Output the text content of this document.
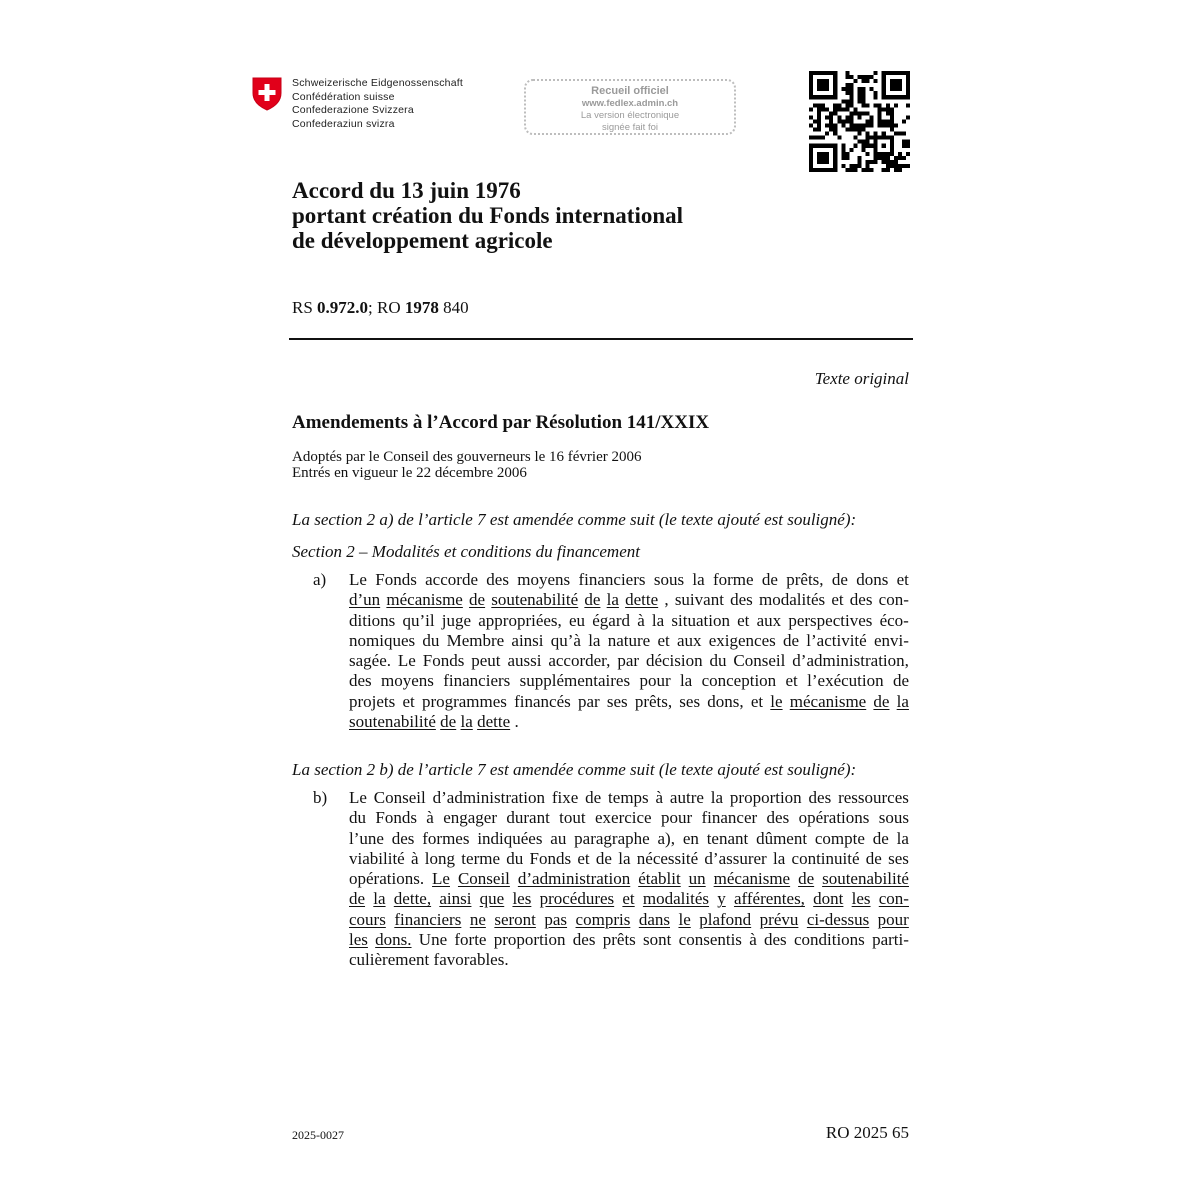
Schweizerische Eidgenossenschaft
Confédération suisse
Confederazione Svizzera
Confederaziun svizra
Recueil officiel
www.fedlex.admin.ch
La version électronique
signée fait foi
Accord du 13 juin 1976
portant création du Fonds international
de développement agricole
RS 0.972.0; RO 1978 840
Texte original
Amendements à l’Accord par Résolution 141/XXIX
Adoptés par le Conseil des gouverneurs le 16 février 2006
Entrés en vigueur le 22 décembre 2006
La section 2 a) de l’article 7 est amendée comme suit (le texte ajouté est souligné):
Section 2 – Modalités et conditions du financement
a) Le Fonds accorde des moyens financiers sous la forme de prêts, de dons et
d’un mécanisme de soutenabilité de la dette , suivant des modalités et des con-
ditions qu’il juge appropriées, eu égard à la situation et aux perspectives éco-
nomiques du Membre ainsi qu’à la nature et aux exigences de l’activité envi-
sagée. Le Fonds peut aussi accorder, par décision du Conseil d’administration,
des moyens financiers supplémentaires pour la conception et l’exécution de
projets et programmes financés par ses prêts, ses dons, et le mécanisme de la
soutenabilité de la dette .
La section 2 b) de l’article 7 est amendée comme suit (le texte ajouté est souligné):
b) Le Conseil d’administration fixe de temps à autre la proportion des ressources
du Fonds à engager durant tout exercice pour financer des opérations sous
l’une des formes indiquées au paragraphe a), en tenant dûment compte de la
viabilité à long terme du Fonds et de la nécessité d’assurer la continuité de ses
opérations. Le Conseil d’administration établit un mécanisme de soutenabilité
de la dette, ainsi que les procédures et modalités y afférentes, dont les con-
cours financiers ne seront pas compris dans le plafond prévu ci-dessus pour
les dons. Une forte proportion des prêts sont consentis à des conditions parti-
culièrement favorables.
2025-0027	RO 2025 65
